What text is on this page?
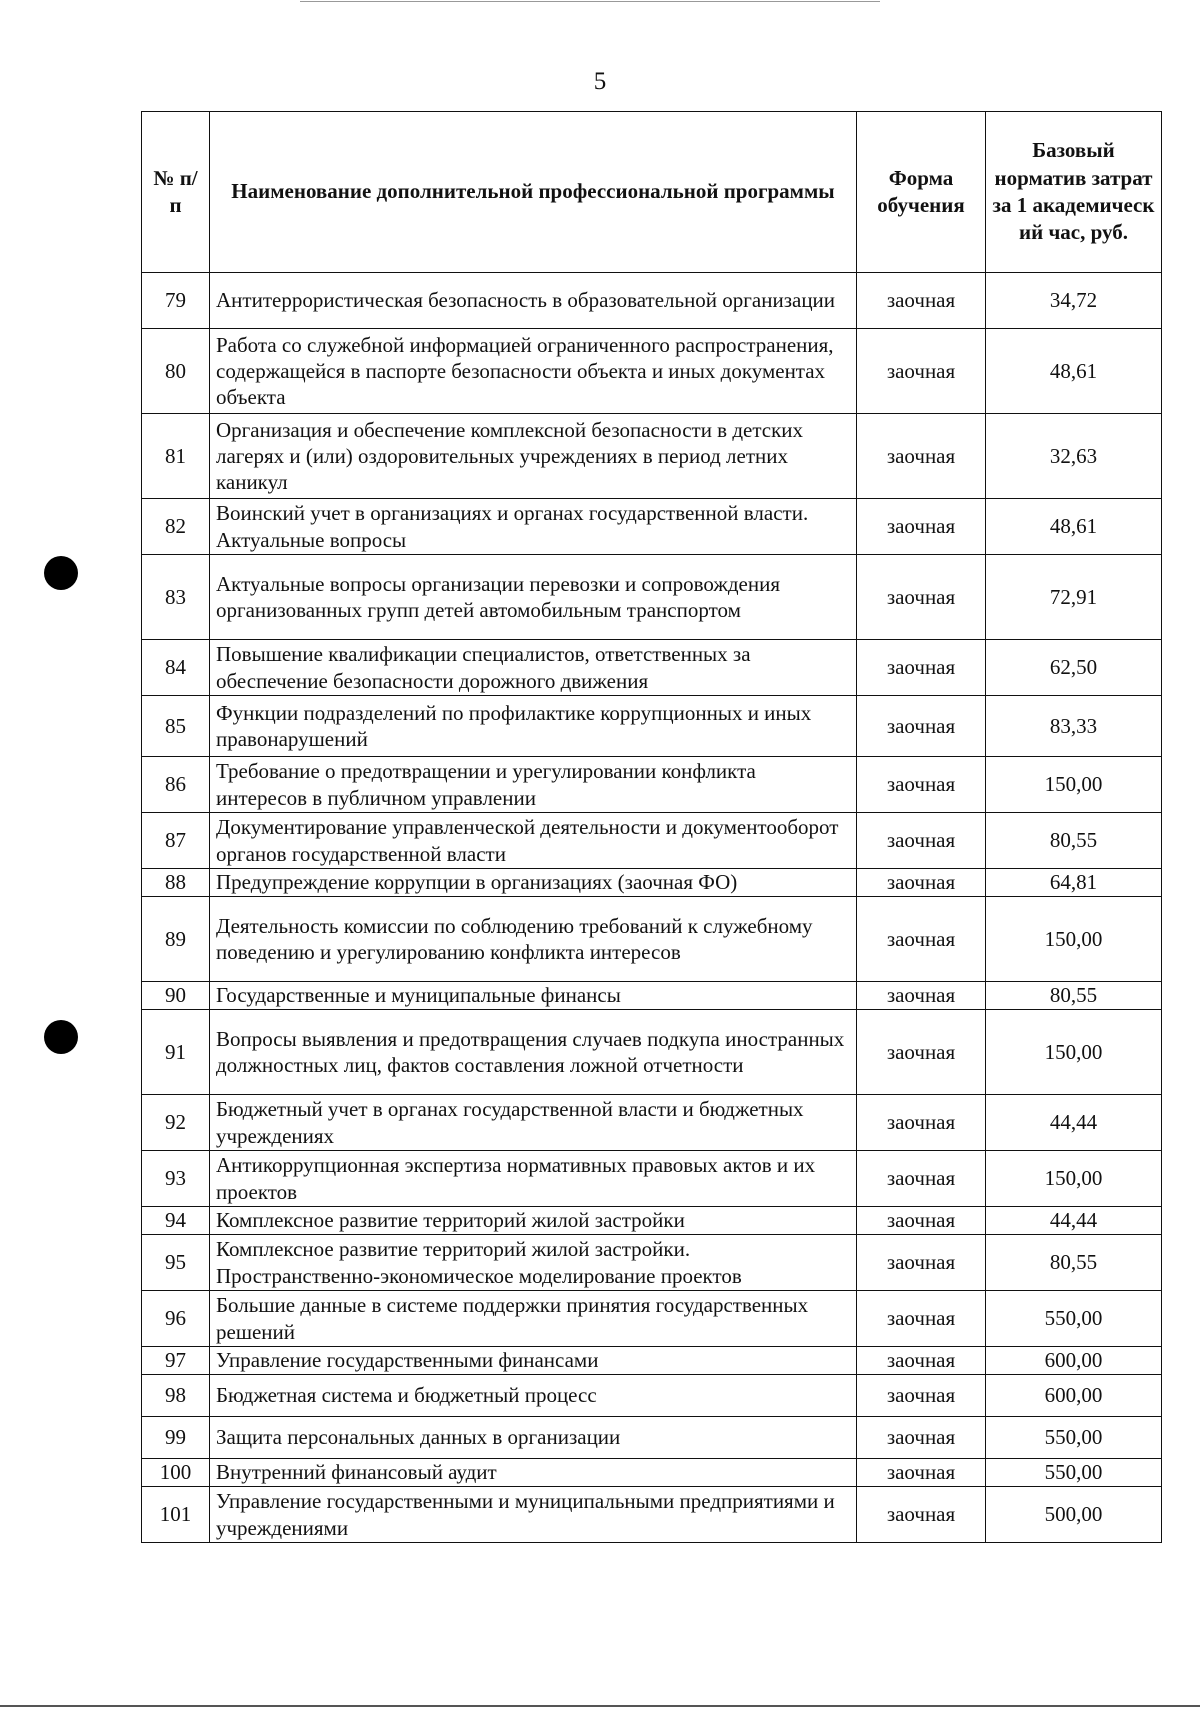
5
№ п/п	Наименование дополнительной профессиональной программы	Форма обучения	Базовый норматив затрат за 1 академическ ий час, руб.
79	Антитеррористическая безопасность в образовательной организации	заочная	34,72
80	Работа со служебной информацией ограниченного распространения, содержащейся в паспорте безопасности объекта и иных документах объекта	заочная	48,61
81	Организация и обеспечение комплексной безопасности в детских лагерях и (или) оздоровительных учреждениях в период летних каникул	заочная	32,63
82	Воинский учет в организациях и органах государственной власти. Актуальные вопросы	заочная	48,61
83	Актуальные вопросы организации перевозки и сопровождения организованных групп детей автомобильным транспортом	заочная	72,91
84	Повышение квалификации специалистов, ответственных за обеспечение безопасности дорожного движения	заочная	62,50
85	Функции подразделений по профилактике коррупционных и иных правонарушений	заочная	83,33
86	Требование о предотвращении и урегулировании конфликта интересов в публичном управлении	заочная	150,00
87	Документирование управленческой деятельности и документооборот органов государственной власти	заочная	80,55
88	Предупреждение коррупции в организациях (заочная ФО)	заочная	64,81
89	Деятельность комиссии по соблюдению требований к служебному поведению и урегулированию конфликта интересов	заочная	150,00
90	Государственные и муниципальные финансы	заочная	80,55
91	Вопросы выявления и предотвращения случаев подкупа иностранных должностных лиц, фактов составления ложной отчетности	заочная	150,00
92	Бюджетный учет в органах государственной власти и бюджетных учреждениях	заочная	44,44
93	Антикоррупционная экспертиза нормативных правовых актов и их проектов	заочная	150,00
94	Комплексное развитие территорий жилой застройки	заочная	44,44
95	Комплексное развитие территорий жилой застройки. Пространственно-экономическое моделирование проектов	заочная	80,55
96	Большие данные в системе поддержки принятия государственных решений	заочная	550,00
97	Управление государственными финансами	заочная	600,00
98	Бюджетная система и бюджетный процесс	заочная	600,00
99	Защита персональных данных в организации	заочная	550,00
100	Внутренний финансовый аудит	заочная	550,00
101	Управление государственными и муниципальными предприятиями и учреждениями	заочная	500,00
